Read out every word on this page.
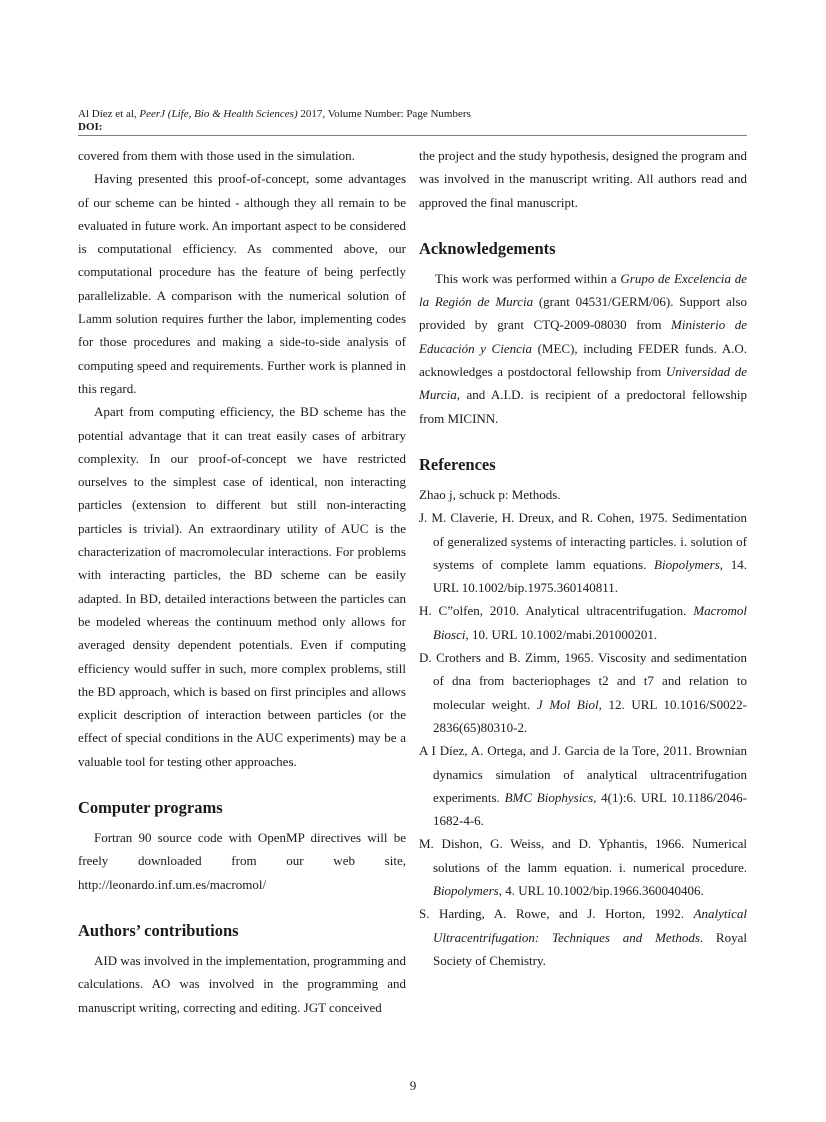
Al Díez et al, PeerJ (Life, Bio & Health Sciences) 2017, Volume Number: Page Numbers
DOI:

covered from them with those used in the simulation.

Having presented this proof-of-concept, some advantages of our scheme can be hinted - although they all remain to be evaluated in future work. An important aspect to be considered is computational efficiency. As commented above, our computational procedure has the feature of being perfectly parallelizable. A comparison with the numerical solution of Lamm solution requires further the labor, implementing codes for those procedures and making a side-to-side analysis of computing speed and requirements. Further work is planned in this regard.

Apart from computing efficiency, the BD scheme has the potential advantage that it can treat easily cases of arbitrary complexity. In our proof-of-concept we have restricted ourselves to the simplest case of identical, non interacting particles (extension to different but still non-interacting particles is trivial). An extraordinary utility of AUC is the characterization of macromolecular interactions. For problems with interacting particles, the BD scheme can be easily adapted. In BD, detailed interactions between the particles can be modeled whereas the continuum method only allows for averaged density dependent potentials. Even if computing efficiency would suffer in such, more complex problems, still the BD approach, which is based on first principles and allows explicit description of interaction between particles (or the effect of special conditions in the AUC experiments) may be a valuable tool for testing other approaches.

Computer programs

Fortran 90 source code with OpenMP directives will be freely downloaded from our web site, http://leonardo.inf.um.es/macromol/

Authors’ contributions

AID was involved in the implementation, programming and calculations. AO was involved in the programming and manuscript writing, correcting and editing. JGT conceived

the project and the study hypothesis, designed the program and was involved in the manuscript writing. All authors read and approved the final manuscript.

Acknowledgements

This work was performed within a Grupo de Excelencia de la Región de Murcia (grant 04531/GERM/06). Support also provided by grant CTQ-2009-08030 from Ministerio de Educación y Ciencia (MEC), including FEDER funds. A.O. acknowledges a postdoctoral fellowship from Universidad de Murcia, and A.I.D. is recipient of a predoctoral fellowship from MICINN.

References

Zhao j, schuck p: Methods.

J. M. Claverie, H. Dreux, and R. Cohen, 1975. Sedimentation of generalized systems of interacting particles. i. solution of systems of complete lamm equations. Biopolymers, 14. URL 10.1002/bip.1975.360140811.

H. C”olfen, 2010. Analytical ultracentrifugation. Macromol Biosci, 10. URL 10.1002/mabi.201000201.

D. Crothers and B. Zimm, 1965. Viscosity and sedimentation of dna from bacteriophages t2 and t7 and relation to molecular weight. J Mol Biol, 12. URL 10.1016/S0022-2836(65)80310-2.

A I Díez, A. Ortega, and J. Garcia de la Tore, 2011. Brownian dynamics simulation of analytical ultracentrifugation experiments. BMC Biophysics, 4(1):6. URL 10.1186/2046-1682-4-6.

M. Dishon, G. Weiss, and D. Yphantis, 1966. Numerical solutions of the lamm equation. i. numerical procedure. Biopolymers, 4. URL 10.1002/bip.1966.360040406.

S. Harding, A. Rowe, and J. Horton, 1992. Analytical Ultracentrifugation: Techniques and Methods. Royal Society of Chemistry.

9
